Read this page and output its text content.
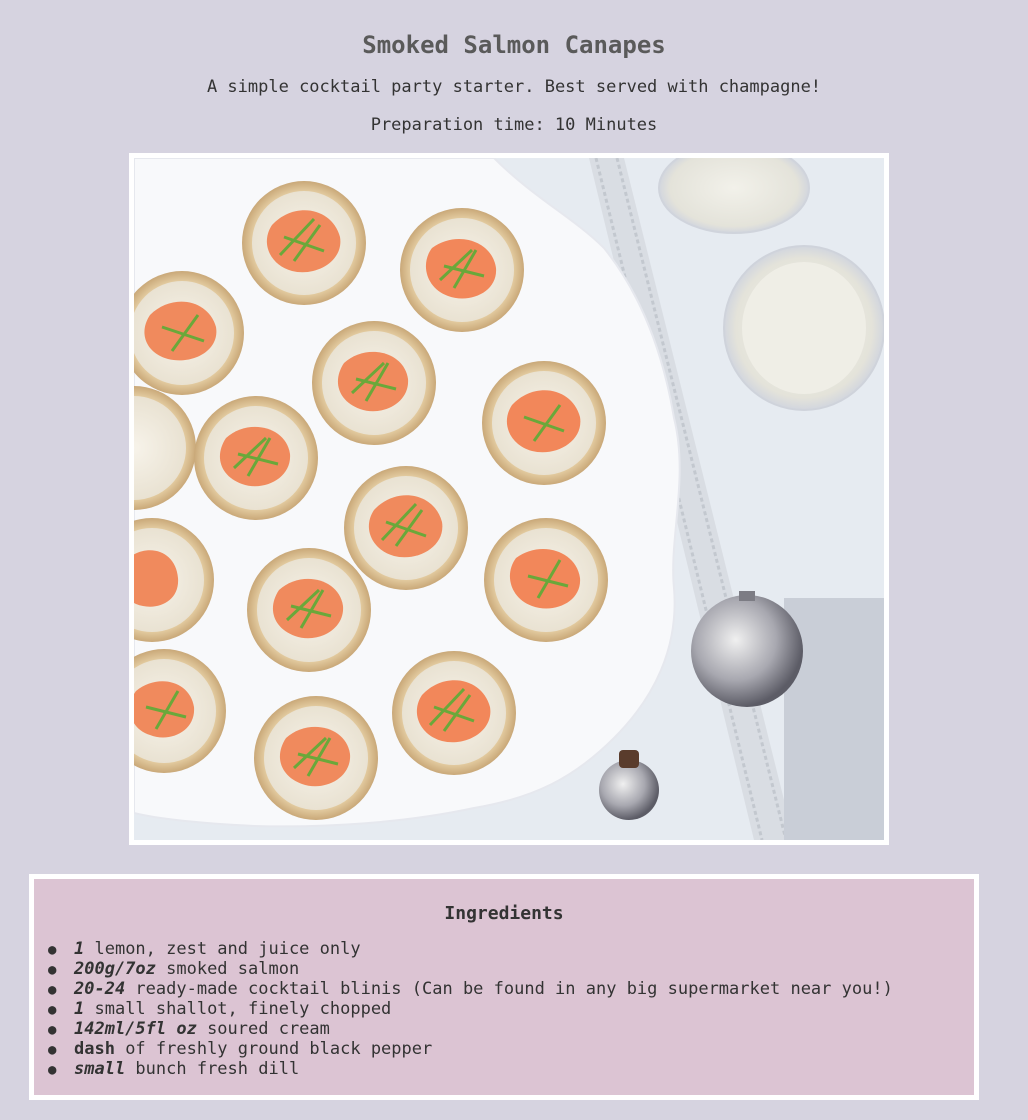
Smoked Salmon Canapes

A simple cocktail party starter. Best served with champagne!

Preparation time: 10 Minutes

Ingredients
● 1 lemon, zest and juice only
● 200g/7oz smoked salmon
● 20-24 ready-made cocktail blinis (Can be found in any big supermarket near you!)
● 1 small shallot, finely chopped
● 142ml/5fl oz soured cream
● dash of freshly ground black pepper
● small bunch fresh dill
